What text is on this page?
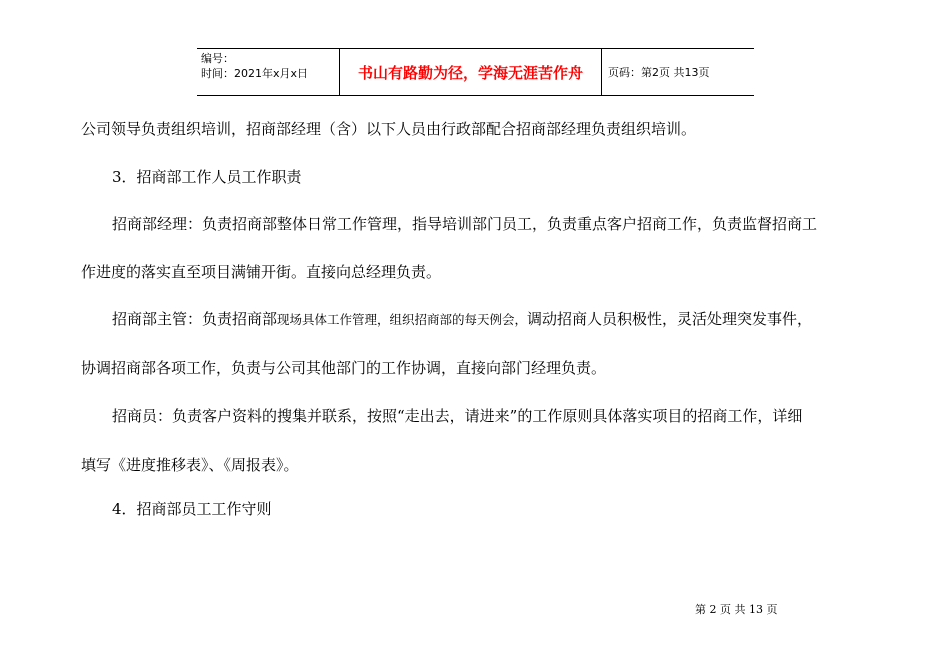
编号：
时间：2021年x月x日	书山有路勤为径，学海无涯苦作舟	页码：第2页 共13页
公司领导负责组织培训，招商部经理（含）以下人员由行政部配合招商部经理负责组织培训。
3．招商部工作人员工作职责
招商部经理：负责招商部整体日常工作管理，指导培训部门员工，负责重点客户招商工作，负责监督招商工
作进度的落实直至项目满铺开街。直接向总经理负责。
招商部主管：负责招商部现场具体工作管理，组织招商部的每天例会，调动招商人员积极性，灵活处理突发事件，
协调招商部各项工作，负责与公司其他部门的工作协调，直接向部门经理负责。
招商员：负责客户资料的搜集并联系，按照“走出去，请进来”的工作原则具体落实项目的招商工作，详细
填写《进度推移表》、《周报表》。
4．招商部员工工作守则
第 2 页 共 13 页
